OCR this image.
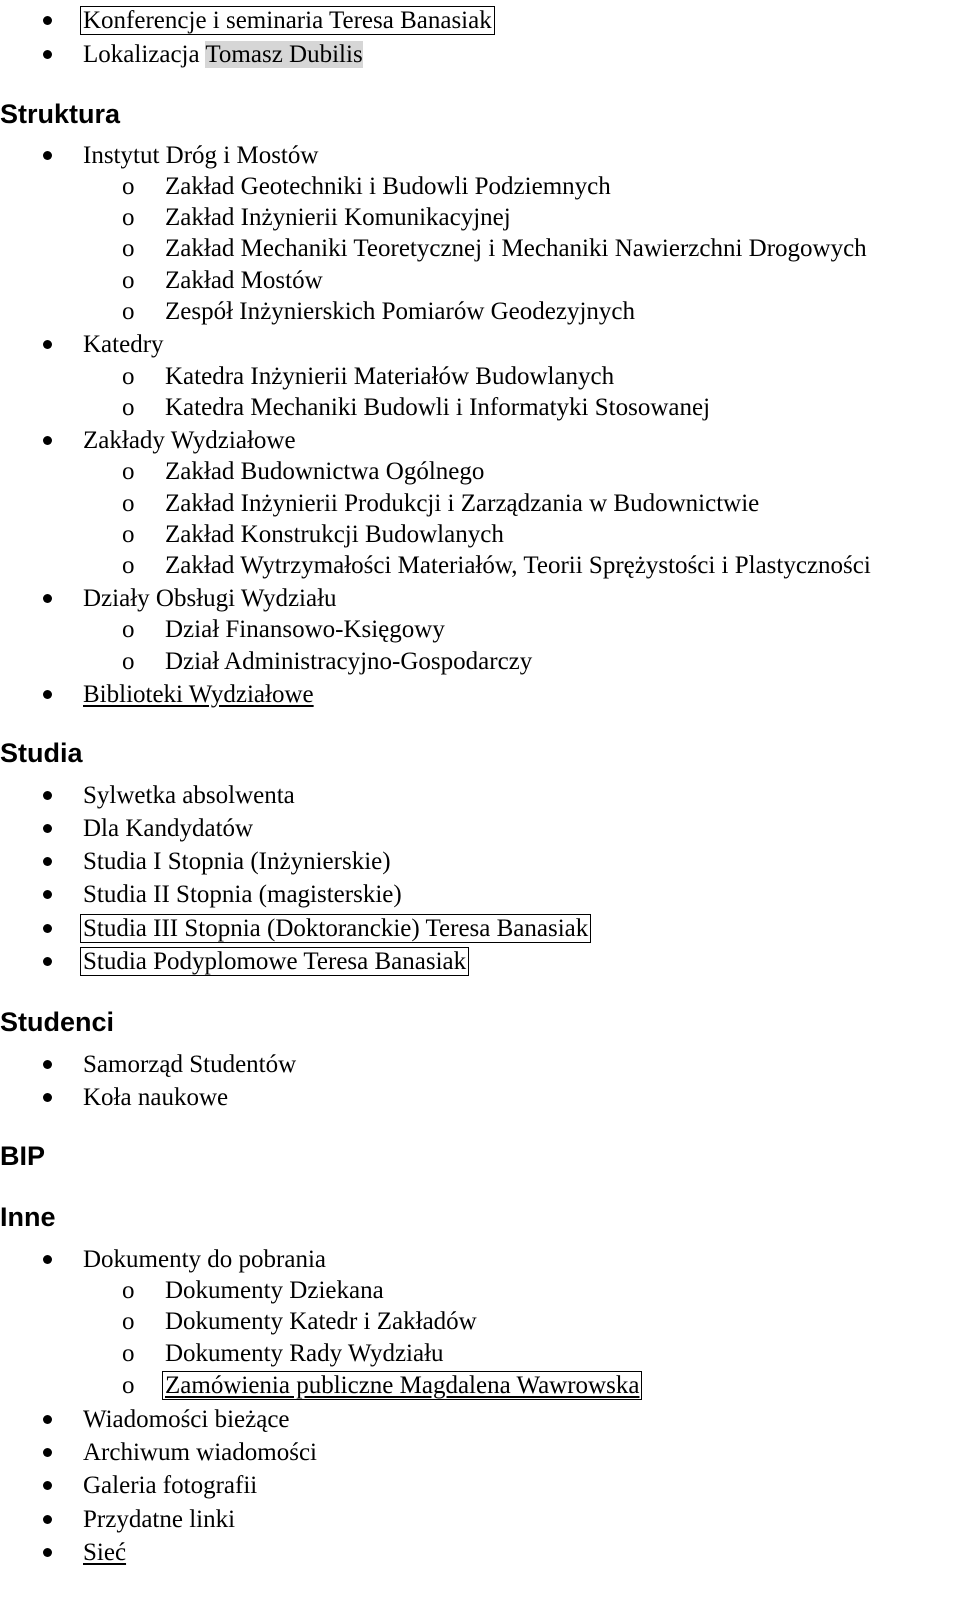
Konferencje i seminaria Teresa Banasiak
Lokalizacja Tomasz Dubilis
Struktura
Instytut Dróg i Mostów
o Zakład Geotechniki i Budowli Podziemnych
o Zakład Inżynierii Komunikacyjnej
o Zakład Mechaniki Teoretycznej i Mechaniki Nawierzchni Drogowych
o Zakład Mostów
o Zespół Inżynierskich Pomiarów Geodezyjnych
Katedry
o Katedra Inżynierii Materiałów Budowlanych
o Katedra Mechaniki Budowli i Informatyki Stosowanej
Zakłady Wydziałowe
o Zakład Budownictwa Ogólnego
o Zakład Inżynierii Produkcji i Zarządzania w Budownictwie
o Zakład Konstrukcji Budowlanych
o Zakład Wytrzymałości Materiałów, Teorii Sprężystości i Plastyczności
Działy Obsługi Wydziału
o Dział Finansowo-Księgowy
o Dział Administracyjno-Gospodarczy
Biblioteki Wydziałowe
Studia
Sylwetka absolwenta
Dla Kandydatów
Studia I Stopnia (Inżynierskie)
Studia II Stopnia (magisterskie)
Studia III Stopnia (Doktoranckie) Teresa Banasiak
Studia Podyplomowe Teresa Banasiak
Studenci
Samorząd Studentów
Koła naukowe
BIP
Inne
Dokumenty do pobrania
o Dokumenty Dziekana
o Dokumenty Katedr i Zakładów
o Dokumenty Rady Wydziału
o Zamówienia publiczne Magdalena Wawrowska
Wiadomości bieżące
Archiwum wiadomości
Galeria fotografii
Przydatne linki
Sieć
